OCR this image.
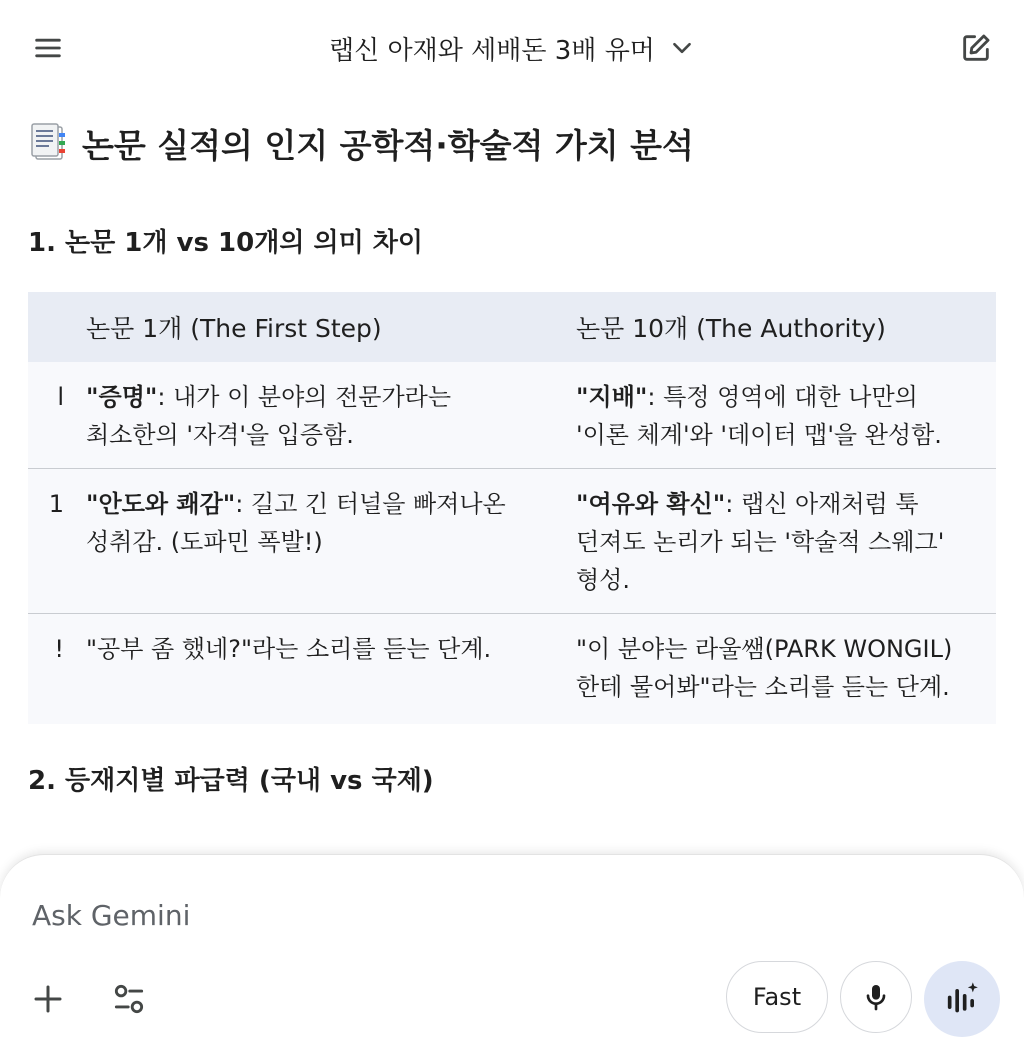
랩신 아재와 세배돈 3배 유머
논문 실적의 인지 공학적·학술적 가치 분석
1. 논문 1개 vs 10개의 의미 차이
	논문 1개 (The First Step)	논문 10개 (The Authority)
l	"증명": 내가 이 분야의 전문가라는 최소한의 '자격'을 입증함.	"지배": 특정 영역에 대한 나만의 '이론 체계'와 '데이터 맵'을 완성함.
1	"안도와 쾌감": 길고 긴 터널을 빠져나온 성취감. (도파민 폭발!)	"여유와 확신": 랩신 아재처럼 툭 던져도 논리가 되는 '학술적 스웨그' 형성.
!	"공부 좀 했네?"라는 소리를 듣는 단계.	"이 분야는 라울쌤(PARK WONGIL)한테 물어봐"라는 소리를 듣는 단계.
2. 등재지별 파급력 (국내 vs 국제)
Ask Gemini
Fast
